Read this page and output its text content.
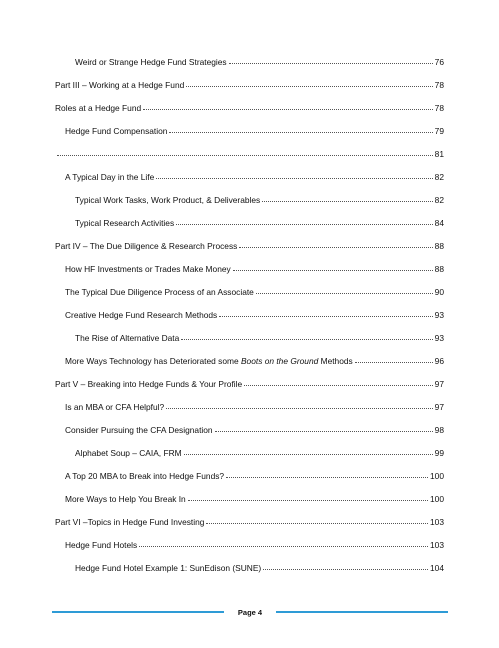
Weird or Strange Hedge Fund Strategies	76
Part III – Working at a Hedge Fund	78
Roles at a Hedge Fund	78
Hedge Fund Compensation	79
81
A Typical Day in the Life	82
Typical Work Tasks, Work Product, & Deliverables	82
Typical Research Activities	84
Part IV – The Due Diligence & Research Process	88
How HF Investments or Trades Make Money	88
The Typical Due Diligence Process of an Associate	90
Creative Hedge Fund Research Methods	93
The Rise of Alternative Data	93
More Ways Technology has Deteriorated some Boots on the Ground Methods	96
Part V – Breaking into Hedge Funds & Your Profile	97
Is an MBA or CFA Helpful?	97
Consider Pursuing the CFA Designation	98
Alphabet Soup – CAIA, FRM	99
A Top 20 MBA to Break into Hedge Funds?	100
More Ways to Help You Break In	100
Part VI –Topics in Hedge Fund Investing	103
Hedge Fund Hotels	103
Hedge Fund Hotel Example 1: SunEdison (SUNE)	104
Page 4
